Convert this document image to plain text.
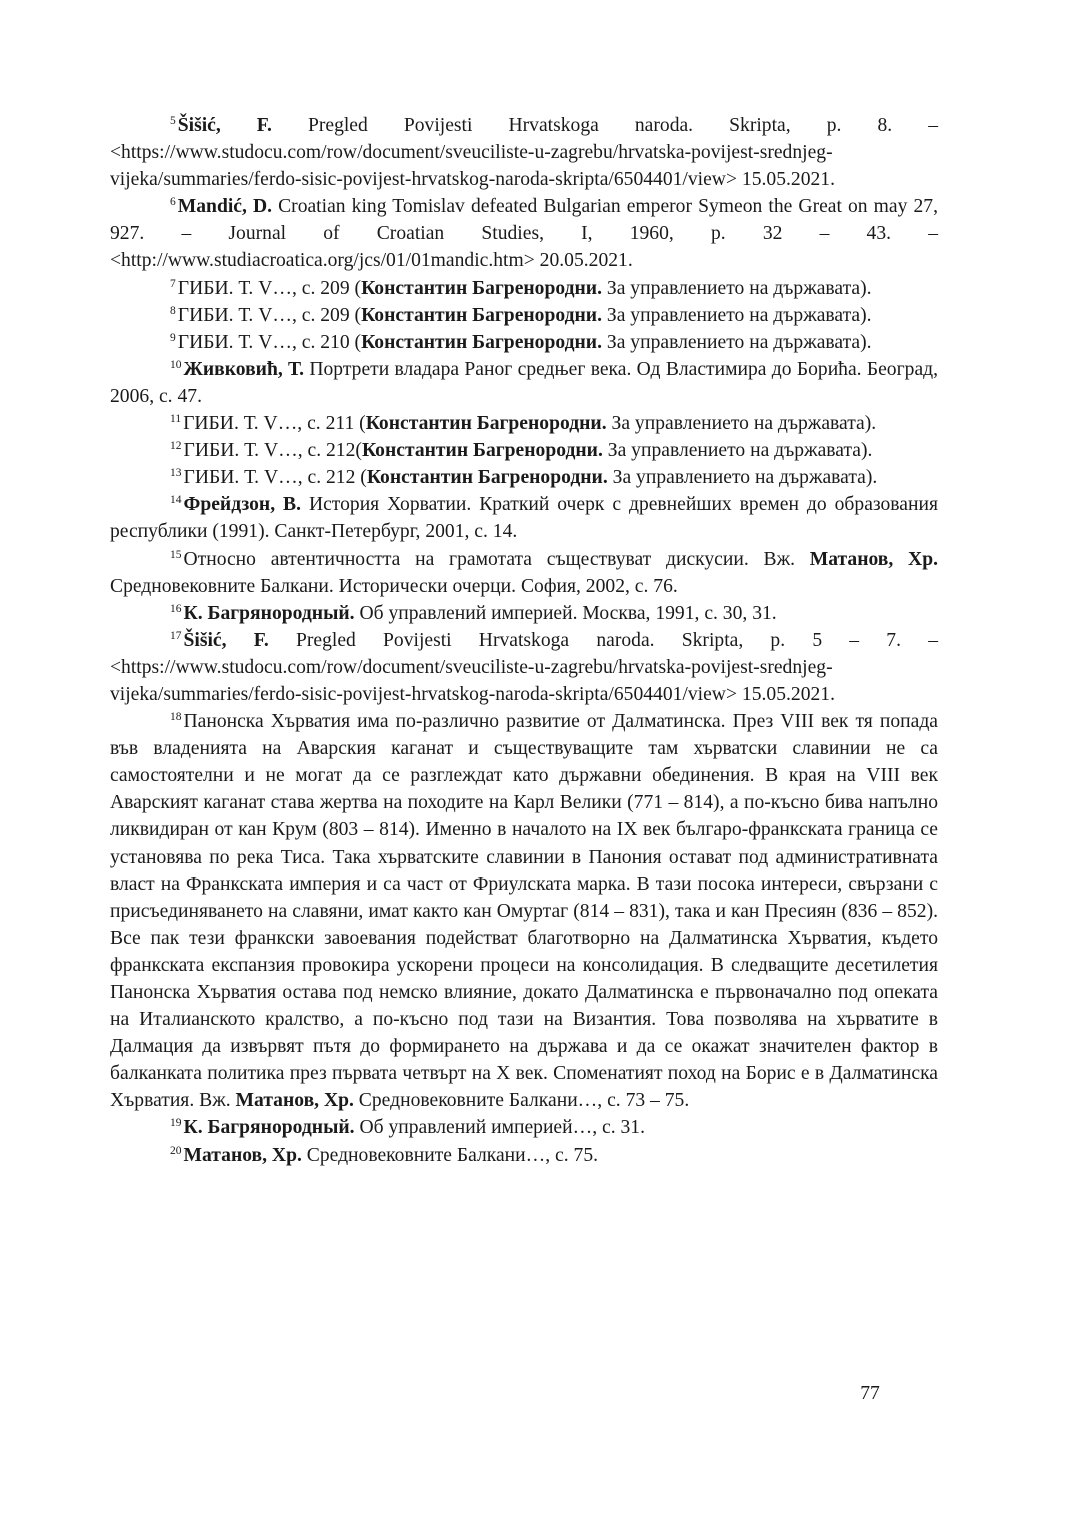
$^5$ Šišić, F. Pregled Povijesti Hrvatskoga naroda. Skripta, p. 8. – <https://www.studocu.com/row/document/sveuciliste-u-zagrebu/hrvatska-povijest-srednjeg-vijeka/summaries/ferdo-sisic-povijest-hrvatskog-naroda-skripta/6504401/view> 15.05.2021.

$^6$ Mandić, D. Croatian king Tomislav defeated Bulgarian emperor Symeon the Great on may 27, 927. – Journal of Croatian Studies, I, 1960, p. 32 – 43. – <http://www.studiacroatica.org/jcs/01/01mandic.htm> 20.05.2021.

$^7$ ГИБИ. Т. V…, с. 209 (Константин Багренородни. За управлението на държавата).

$^8$ ГИБИ. Т. V…, с. 209 (Константин Багренородни. За управлението на държавата).

$^9$ ГИБИ. Т. V…, с. 210 (Константин Багренородни. За управлението на държавата).

$^{10}$ Живковић, Т. Портрети владара Раног средњег века. Од Властимира до Борића. Београд, 2006, с. 47.

$^{11}$ ГИБИ. Т. V…, с. 211 (Константин Багренородни. За управлението на държавата).

$^{12}$ ГИБИ. Т. V…, с. 212(Константин Багренородни. За управлението на държавата).

$^{13}$ ГИБИ. Т. V…, с. 212 (Константин Багренородни. За управлението на държавата).

$^{14}$ Фрейдзон, В. История Хорватии. Краткий очерк с древнейших времен до образования республики (1991). Санкт-Петербург, 2001, с. 14.

$^{15}$ Относно автентичността на грамотата съществуват дискусии. Вж. Матанов, Хр. Средновековните Балкани. Исторически очерци. София, 2002, с. 76.

$^{16}$ К. Багрянородный. Об управлений империей. Москва, 1991, с. 30, 31.

$^{17}$ Šišić, F. Pregled Povijesti Hrvatskoga naroda. Skripta, p. 5 – 7. – <https://www.studocu.com/row/document/sveuciliste-u-zagrebu/hrvatska-povijest-srednjeg-vijeka/summaries/ferdo-sisic-povijest-hrvatskog-naroda-skripta/6504401/view> 15.05.2021.

$^{18}$ Панонска Хърватия има по-различно развитие от Далматинска. През VIII век тя попада във владенията на Аварския каганат и съществуващите там хърватски славинии не са самостоятелни и не могат да се разглеждат като държавни обединения. В края на VIII век Аварският каганат става жертва на походите на Карл Велики (771 – 814), а по-късно бива напълно ликвидиран от кан Крум (803 – 814). Именно в началото на IX век българо-франкската граница се установява по река Тиса. Така хърватските славинии в Панония остават под административната власт на Франкската империя и са част от Фриулската марка. В тази посока интереси, свързани с присъединяването на славяни, имат както кан Омуртаг (814 – 831), така и кан Пресиян (836 – 852). Все пак тези франкски завоевания подействат благотворно на Далматинска Хърватия, където франкската експанзия провокира ускорени процеси на консолидация. В следващите десетилетия Панонска Хърватия остава под немско влияние, докато Далматинска е първоначално под опеката на Италианското кралство, а по-късно под тази на Византия. Това позволява на хърватите в Далмация да извървят пътя до формирането на държава и да се окажат значителен фактор в балканката политика през първата четвърт на X век. Споменатият поход на Борис е в Далматинска Хърватия. Вж. Матанов, Хр. Средновековните Балкани…, с. 73 – 75.

$^{19}$ К. Багрянородный. Об управлений империей…, с. 31.

$^{20}$ Матанов, Хр. Средновековните Балкани…, с. 75.

77
